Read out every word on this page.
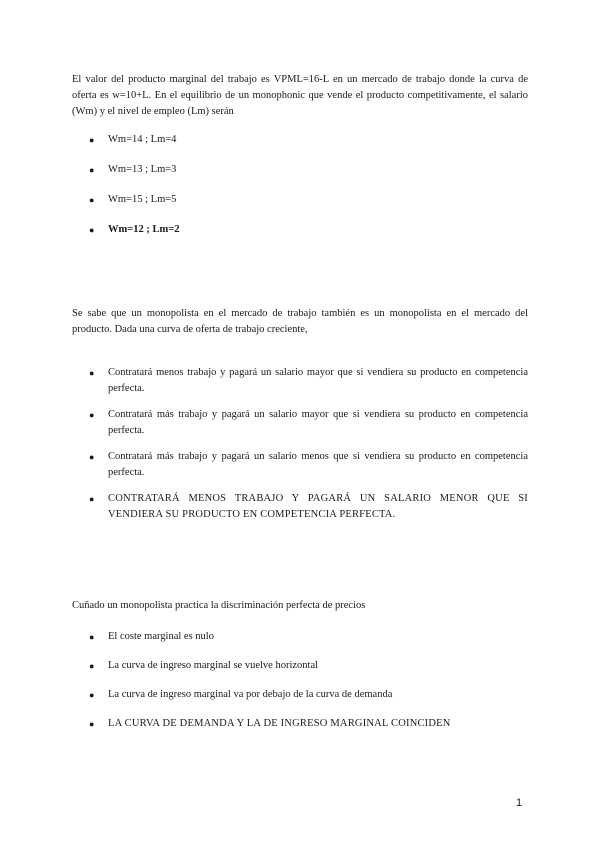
El valor del producto marginal del trabajo es VPML=16-L en un mercado de trabajo donde la curva de oferta es w=10+L. En el equilibrio de un monophonic que vende el producto competitivamente, el salario (Wm) y el nivel de empleo (Lm) serán

● Wm=14 ; Lm=4
● Wm=13 ; Lm=3
● Wm=15 ; Lm=5
● Wm=12 ; Lm=2

Se sabe que un monopolista en el mercado de trabajo también es un monopolista en el mercado del producto. Dada una curva de oferta de trabajo creciente,

● Contratará menos trabajo y pagará un salario mayor que si vendiera su producto en competencia perfecta.
● Contratará más trabajo y pagará un salario mayor que si vendiera su producto en competencia perfecta.
● Contratará más trabajo y pagará un salario menos que si vendiera su producto en competencia perfecta.
● CONTRATARÁ MENOS TRABAJO Y PAGARÁ UN SALARIO MENOR QUE SI VENDIERA SU PRODUCTO EN COMPETENCIA PERFECTA.

Cuñado un monopolista practica la discriminación perfecta de precios

● El coste marginal es nulo
● La curva de ingreso marginal se vuelve horizontal
● La curva de ingreso marginal va por debajo de la curva de demanda
● LA CURVA DE DEMANDA Y LA DE INGRESO MARGINAL COINCIDEN
1
